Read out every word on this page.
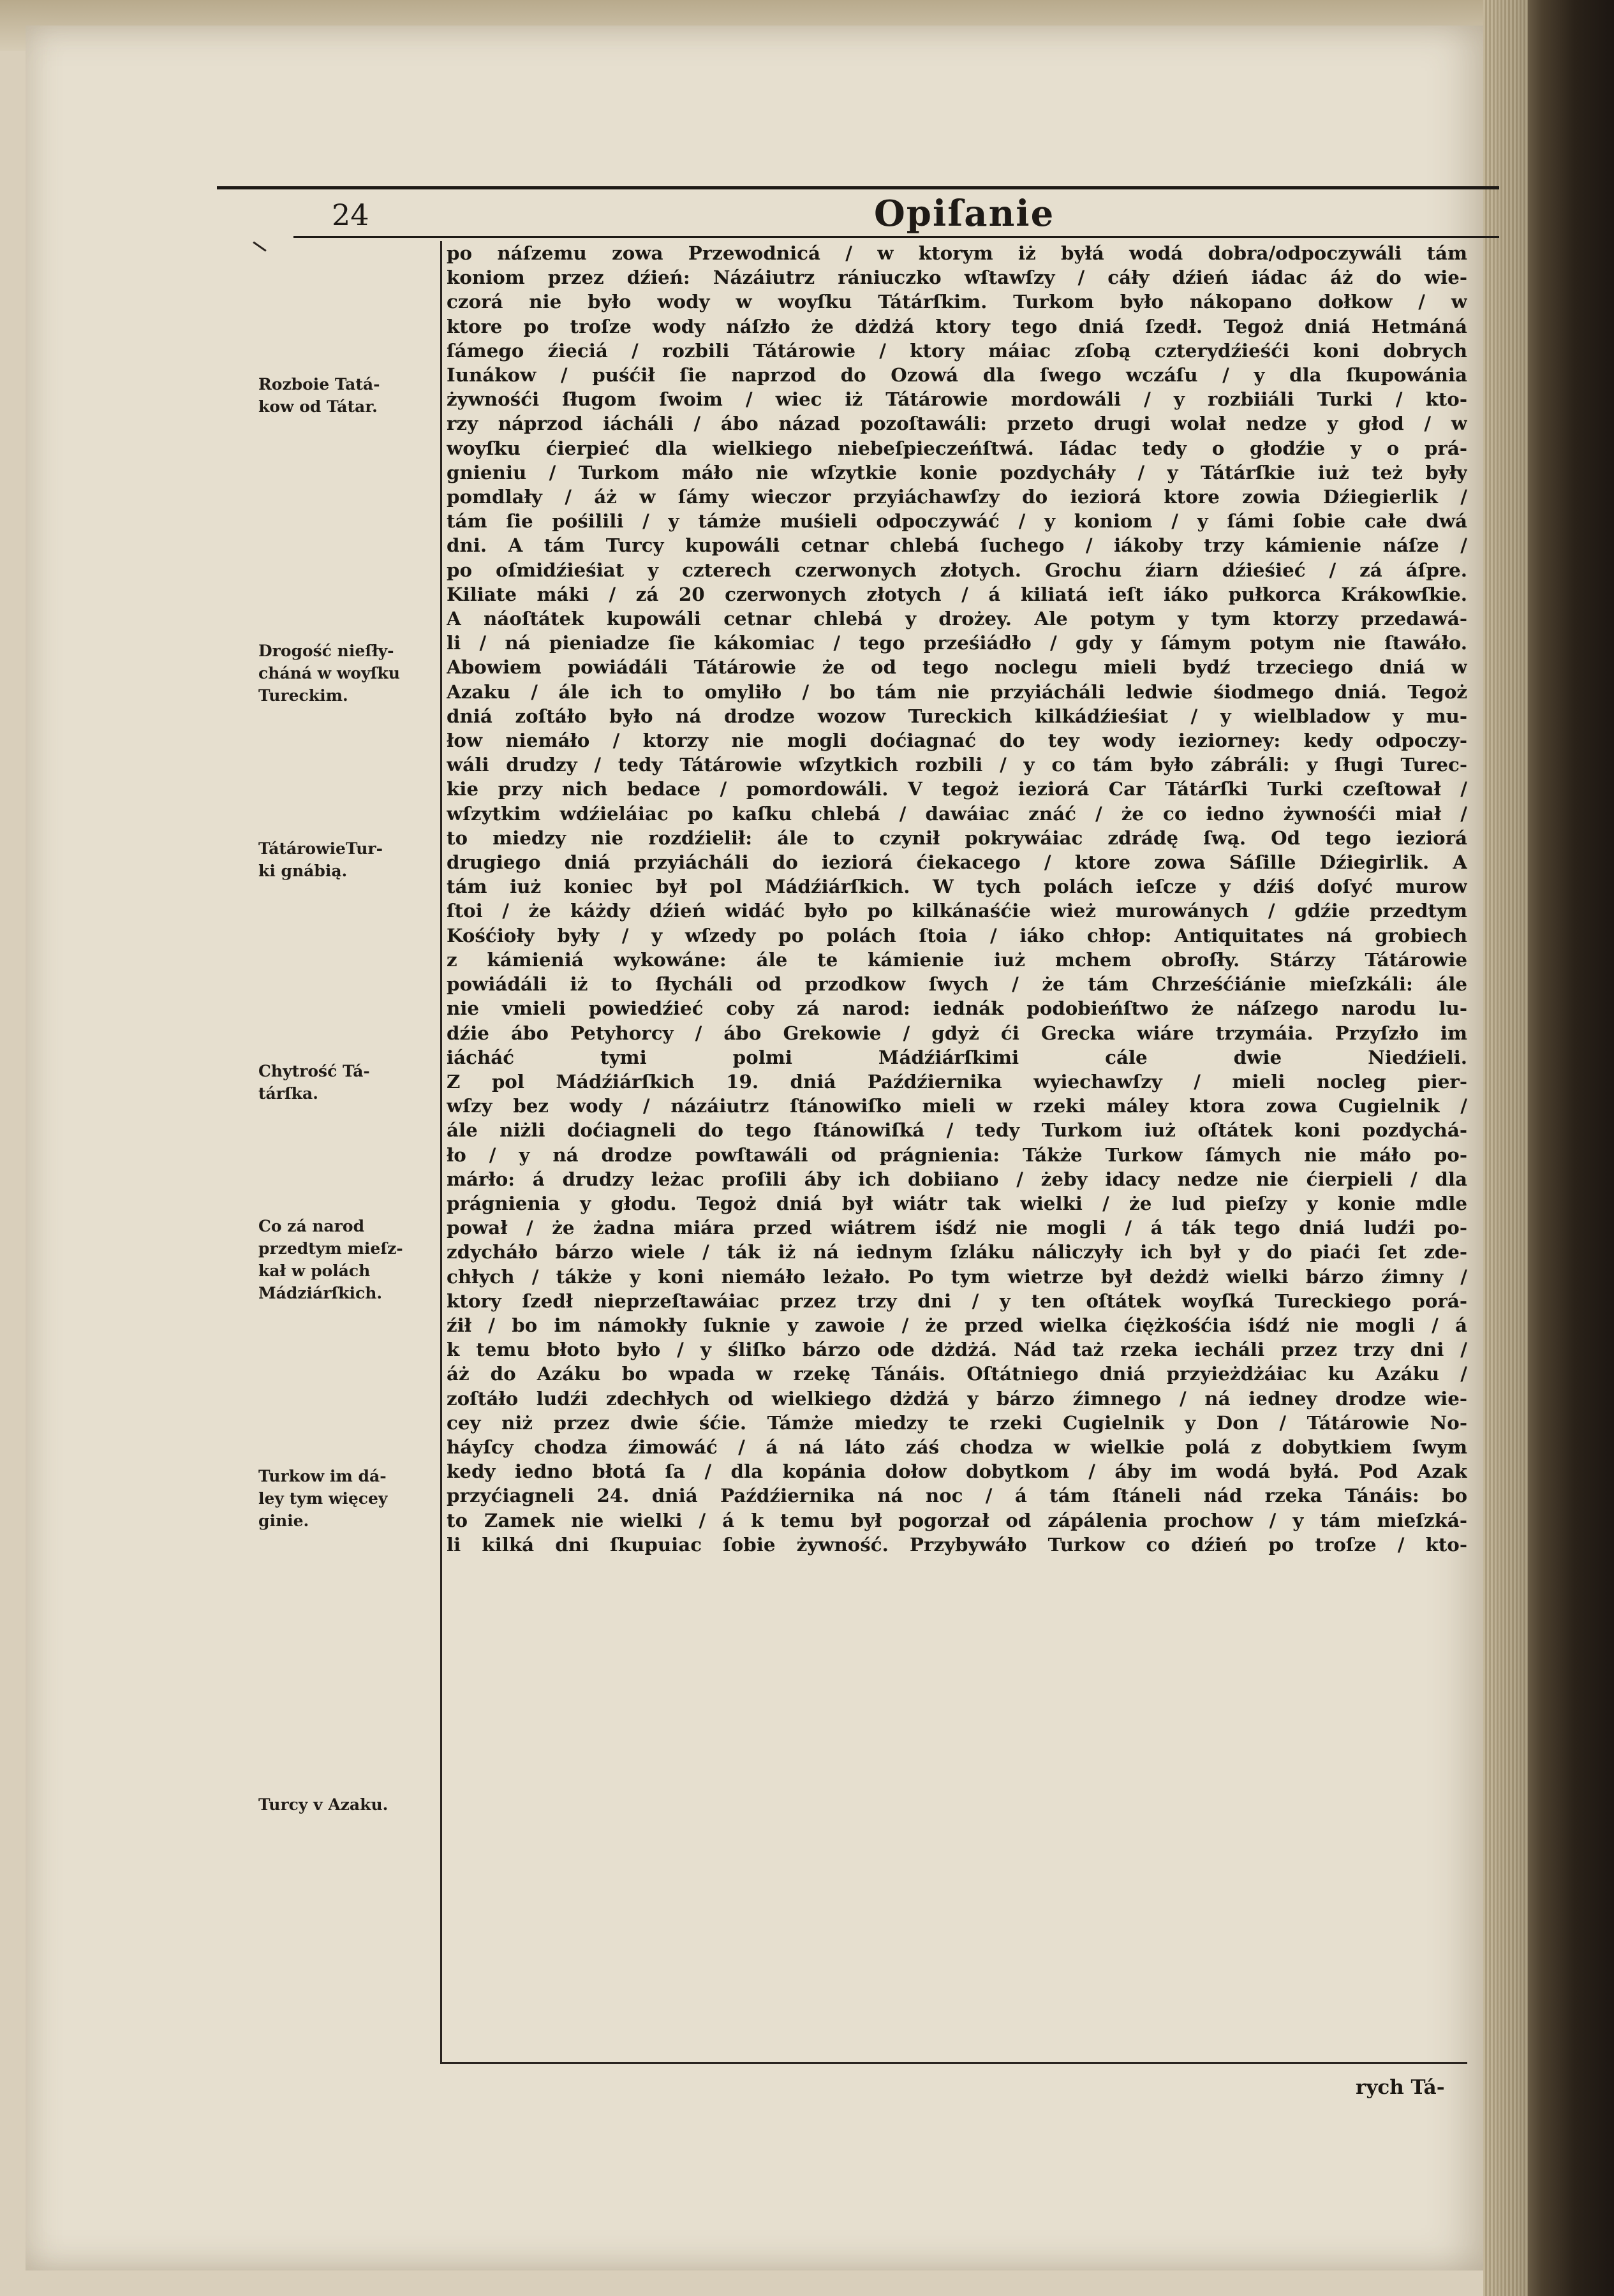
24	Opiſanie
Rozboie Tatá-
kow od Tátar.
Drogość nieſły-
cháná w woyſku
Tureckim.
TátárowieTur-
ki gnábią.
Chytrość Tá-
tárſka.
Co zá narod
przedtym mieſz-
kał w polách
Mádziárſkich.
Turkow im dá-
ley tym więcey
ginie.
Turcy v Azaku.
po náſzemu zowa Przewodnicá / w ktorym iż byłá wodá dobra/odpoczywáli tám
koniom przez dźień: Názáiutrz rániuczko wſtawſzy / cáły dźień iádac áż do wie-
czorá nie było wody w woyſku Tátárſkim. Turkom było nákopano dołkow / w
ktore po troſze wody náſzło że dżdżá ktory tego dniá ſzedł. Tegoż dniá Hetmáná
ſámego źieciá / rozbili Tátárowie / ktory máiac zſobą czterydźieśći koni dobrych
Iunákow / puśćił ſie naprzod do Ozowá dla ſwego wczáſu / y dla ſkupowánia
żywnośći ſługom ſwoim / wiec iż Tátárowie mordowáli / y rozbiiáli Turki / kto-
rzy náprzod iácháli / ábo názad pozoſtawáli: przeto drugi wolał nedze y głod / w
woyſku ćierpieć dla wielkiego niebeſpieczeńſtwá. Iádac tedy o głodźie y o prá-
gnieniu / Turkom máło nie wſzytkie konie pozdycháły / y Tátárſkie iuż też były
pomdlały / áż w ſámy wieczor przyiáchawſzy do ieziorá ktore zowia Dźiegierlik /
tám ſie pośilili / y támże muśieli odpoczywáć / y koniom / y ſámi ſobie całe dwá
dni. A tám Turcy kupowáli cetnar chlebá ſuchego / iákoby trzy kámienie náſze /
po oſmidźieśiat y czterech czerwonych złotych. Grochu źiarn dźieśieć / zá áſpre.
Kiliate máki / zá 20 czerwonych złotych / á kiliatá ieſt iáko pułkorca Krákowſkie.
A náoſtátek kupowáli cetnar chlebá y drożey. Ale potym y tym ktorzy przedawá-
li / ná pieniadze ſie kákomiac / tego prześiádło / gdy y ſámym potym nie ſtawáło.
Abowiem powiádáli Tátárowie że od tego noclegu mieli bydź trzeciego dniá w
Azaku / ále ich to omyliło / bo tám nie przyiácháli ledwie śiodmego dniá. Tegoż
dniá zoſtáło było ná drodze wozow Tureckich kilkádźieśiat / y wielbladow y mu-
łow niemáło / ktorzy nie mogli doćiagnać do tey wody ieziorney: kedy odpoczy-
wáli drudzy / tedy Tátárowie wſzytkich rozbili / y co tám było zábráli: y ſługi Turec-
kie przy nich bedace / pomordowáli. V tegoż ieziorá Car Tátárſki Turki czeſtował /
wſzytkim wdźieláiac po kaſku chlebá / dawáiac znáć / że co iedno żywnośći miał /
to miedzy nie rozdźielił: ále to czynił pokrywáiac zdrádę ſwą. Od tego ieziorá
drugiego dniá przyiácháli do ieziorá ćiekacego / ktore zowa Sáſille Dźiegirlik. A
tám iuż koniec był pol Mádźiárſkich. W tych polách ieſcze y dźiś doſyć murow
ſtoi / że káżdy dźień widáć było po kilkánaśćie wież murowánych / gdźie przedtym
Kośćioły były / y wſzedy po polách ſtoia / iáko chłop: Antiquitates ná grobiech
z kámieniá wykowáne: ále te kámienie iuż mchem obroſły. Stárzy Tátárowie
powiádáli iż to ſłycháli od przodkow ſwych / że tám Chrześćiánie mieſzkáli: ále
nie vmieli powiedźieć coby zá narod: iednák podobieńſtwo że náſzego narodu lu-
dźie ábo Petyhorcy / ábo Grekowie / gdyż ći Grecka wiáre trzymáia. Przyſzło im
iácháć tymi polmi Mádźiárſkimi cále dwie Niedźieli.
Z pol Mádźiárſkich 19. dniá Paźdźiernika wyiechawſzy / mieli nocleg pier-
wſzy bez wody / názáiutrz ſtánowiſko mieli w rzeki máley ktora zowa Cugielnik /
ále niżli doćiagneli do tego ſtánowiſká / tedy Turkom iuż oſtátek koni pozdychá-
ło / y ná drodze powſtawáli od prágnienia: Tákże Turkow ſámych nie máło po-
márło: á drudzy leżac proſili áby ich dobiiano / żeby idacy nedze nie ćierpieli / dla
prágnienia y głodu. Tegoż dniá był wiátr tak wielki / że lud pieſzy y konie mdle
pował / że żadna miára przed wiátrem iśdź nie mogli / á ták tego dniá ludźi po-
zdycháło bárzo wiele / ták iż ná iednym ſzláku náliczyły ich był y do piaći ſet zde-
chłych / tákże y koni niemáło leżało. Po tym wietrze był deżdż wielki bárzo źimny /
ktory ſzedł nieprzeſtawáiac przez trzy dni / y ten oſtátek woyſká Tureckiego porá-
źił / bo im námokły ſuknie y zawoie / że przed wielka ćiężkośćia iśdź nie mogli / á
k temu błoto było / y śliſko bárzo ode dżdżá. Nád taż rzeka iecháli przez trzy dni /
áż do Azáku bo wpada w rzekę Tánáis. Oſtátniego dniá przyieżdżáiac ku Azáku /
zoſtáło ludźi zdechłych od wielkiego dżdżá y bárzo źimnego / ná iedney drodze wie-
cey niż przez dwie śćie. Támże miedzy te rzeki Cugielnik y Don / Tátárowie No-
háyſcy chodza źimowáć / á ná láto záś chodza w wielkie polá z dobytkiem ſwym
kedy iedno błotá ſa / dla kopánia dołow dobytkom / áby im wodá byłá. Pod Azak
przyćiagneli 24. dniá Paźdźiernika ná noc / á tám ſtáneli nád rzeka Tánáis: bo
to Zamek nie wielki / á k temu był pogorzał od zápálenia prochow / y tám mieſzká-
li kilká dni ſkupuiac ſobie żywność. Przybywáło Turkow co dźień po troſze / kto-
rych Tá-
